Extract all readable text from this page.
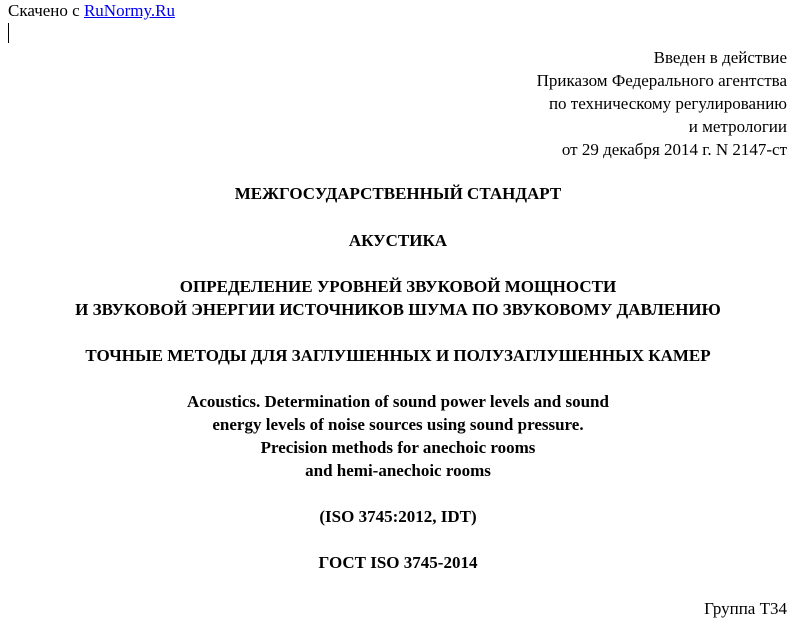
Скачено с RuNormy.Ru
Введен в действие
Приказом Федерального агентства
по техническому регулированию
и метрологии
от 29 декабря 2014 г. N 2147-ст
МЕЖГОСУДАРСТВЕННЫЙ СТАНДАРТ
АКУСТИКА
ОПРЕДЕЛЕНИЕ УРОВНЕЙ ЗВУКОВОЙ МОЩНОСТИ
И ЗВУКОВОЙ ЭНЕРГИИ ИСТОЧНИКОВ ШУМА ПО ЗВУКОВОМУ ДАВЛЕНИЮ
ТОЧНЫЕ МЕТОДЫ ДЛЯ ЗАГЛУШЕННЫХ И ПОЛУЗАГЛУШЕННЫХ КАМЕР
Acoustics. Determination of sound power levels and sound
energy levels of noise sources using sound pressure.
Precision methods for anechoic rooms
and hemi-anechoic rooms
(ISO 3745:2012, IDT)
ГОСТ ISO 3745-2014
Группа Т34
